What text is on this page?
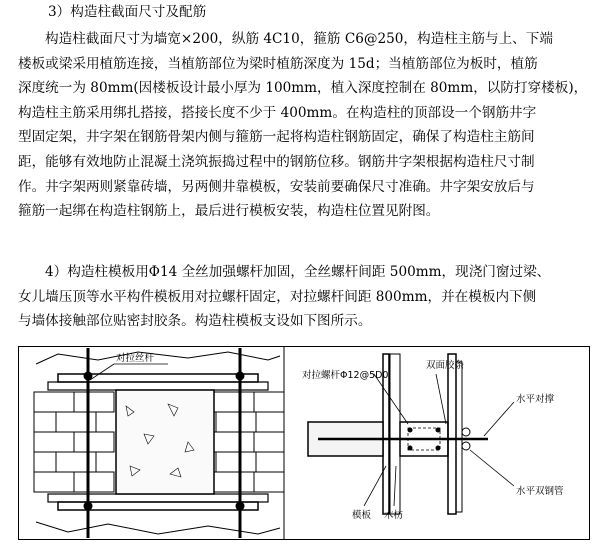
3）构造柱截面尺寸及配筋
构造柱截面尺寸为墙宽×200，纵筋 4C10，箍筋 C6@250，构造柱主筋与上、下端
楼板或梁采用植筋连接，当植筋部位为梁时植筋深度为 15d；当植筋部位为板时，植筋
深度统一为 80mm(因楼板设计最小厚为 100mm，植入深度控制在 80mm，以防打穿楼板)，
构造柱主筋采用绑扎搭接，搭接长度不少于 400mm。在构造柱的顶部设一个钢筋井字
型固定架，井字架在钢筋骨架内侧与箍筋一起将构造柱钢筋固定，确保了构造柱主筋间
距，能够有效地防止混凝土浇筑振捣过程中的钢筋位移。钢筋井字架根据构造柱尺寸制
作。井字架两则紧靠砖墙，另两侧井靠模板，安装前要确保尺寸准确。井字架安放后与
箍筋一起绑在构造柱钢筋上，最后进行模板安装，构造柱位置见附图。
4）构造柱模板用Φ14 全丝加强螺杆加固，全丝螺杆间距 500mm，现浇门窗过梁、
女儿墙压顶等水平构件模板用对拉螺杆固定，对拉螺杆间距 800mm，并在模板内下侧
与墙体接触部位贴密封胶条。构造柱模板支设如下图所示。
对拉丝杆
对拉螺杆Φ12@5D0
双面胶条
水平对撑
水平双钢管
模板 木枋
